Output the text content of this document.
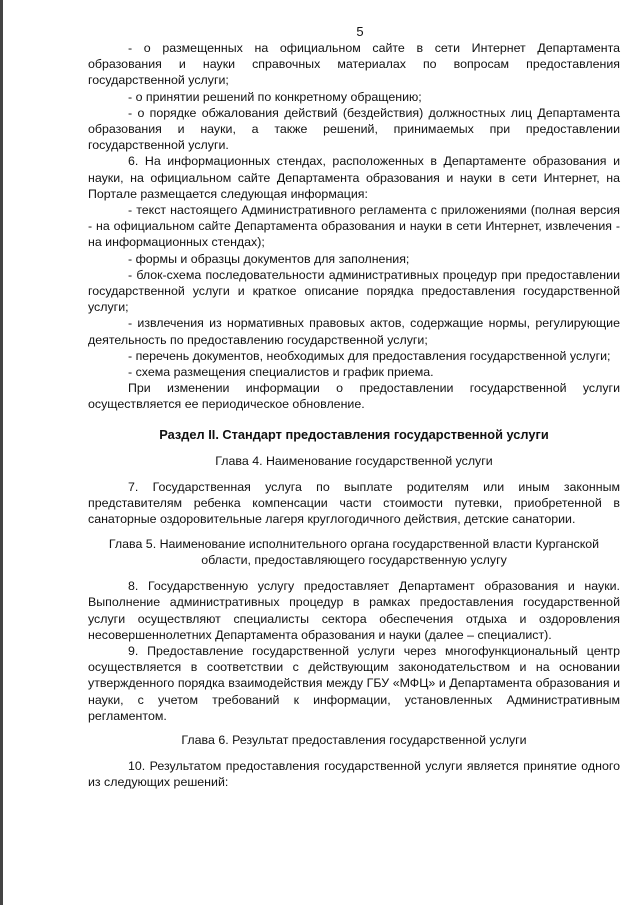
5

- о размещенных на официальном сайте в сети Интернет Департамента образования и науки справочных материалах по вопросам предоставления государственной услуги;

- о принятии решений по конкретному обращению;

- о порядке обжалования действий (бездействия) должностных лиц Департамента образования и науки, а также решений, принимаемых при предоставлении государственной услуги.

6. На информационных стендах, расположенных в Департаменте образования и науки, на официальном сайте Департамента образования и науки в сети Интернет, на Портале размещается следующая информация:

- текст настоящего Административного регламента с приложениями (полная версия - на официальном сайте Департамента образования и науки в сети Интернет, извлечения - на информационных стендах);

- формы и образцы документов для заполнения;

- блок-схема последовательности административных процедур при предоставлении государственной услуги и краткое описание порядка предоставления государственной услуги;

- извлечения из нормативных правовых актов, содержащие нормы, регулирующие деятельность по предоставлению государственной услуги;

- перечень документов, необходимых для предоставления государственной услуги;

- схема размещения специалистов и график приема.

При изменении информации о предоставлении государственной услуги осуществляется ее периодическое обновление.

Раздел II. Стандарт предоставления государственной услуги

Глава 4. Наименование государственной услуги

7. Государственная услуга по выплате родителям или иным законным представителям ребенка компенсации части стоимости путевки, приобретенной в санаторные оздоровительные лагеря круглогодичного действия, детские санатории.

Глава 5. Наименование исполнительного органа государственной власти Курганской области, предоставляющего государственную услугу

8. Государственную услугу предоставляет Департамент образования и науки. Выполнение административных процедур в рамках предоставления государственной услуги осуществляют специалисты сектора обеспечения отдыха и оздоровления несовершеннолетних Департамента образования и науки (далее – специалист).

9. Предоставление государственной услуги через многофункциональный центр осуществляется в соответствии с действующим законодательством и на основании утвержденного порядка взаимодействия между ГБУ «МФЦ» и Департамента образования и науки, с учетом требований к информации, установленных Административным регламентом.

Глава 6. Результат предоставления государственной услуги

10. Результатом предоставления государственной услуги является принятие одного из следующих решений:
